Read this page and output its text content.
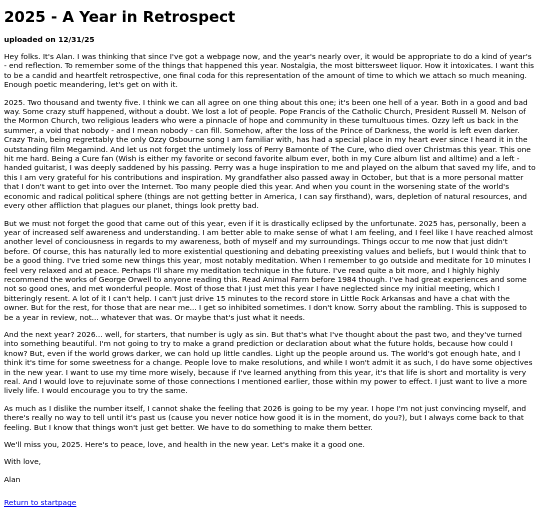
2025 - A Year in Retrospect
uploaded on 12/31/25

Hey folks. It's Alan. I was thinking that since I've got a webpage now, and the year's nearly over, it would be appropriate to do a kind of year's - end reflection. To remember some of the things that happened this year. Nostalgia, the most bittersweet liquor. How it intoxicates. I want this to be a candid and heartfelt retrospective, one final coda for this representation of the amount of time to which we attach so much meaning. Enough poetic meandering, let's get on with it.

2025. Two thousand and twenty five. I think we can all agree on one thing about this one; it's been one hell of a year. Both in a good and bad way. Some crazy stuff happened, without a doubt. We lost a lot of people. Pope Francis of the Catholic Church, President Russell M. Nelson of the Mormon Church, two religious leaders who were a pinnacle of hope and community in these tumultuous times. Ozzy left us back in the summer, a void that nobody - and I mean nobody - can fill. Somehow, after the loss of the Prince of Darkness, the world is left even darker. Crazy Train, being regrettably the only Ozzy Osbourne song I am familiar with, has had a special place in my heart ever since I heard it in the outstanding film Megamind. And let us not forget the untimely loss of Perry Bamonte of The Cure, who died over Christmas this year. This one hit me hard. Being a Cure fan (Wish is either my favorite or second favorite album ever, both in my Cure album list and alltime) and a left - handed guitarist, I was deeply saddened by his passing. Perry was a huge inspiration to me and played on the album that saved my life, and to this I am very grateful for his contributions and inspiration. My grandfather also passed away in October, but that is a more personal matter that I don't want to get into over the Internet. Too many people died this year. And when you count in the worsening state of the world's economic and radical political sphere (things are not getting better in America, I can say firsthand), wars, depletion of natural resources, and every other affliction that plagues our planet, things look pretty bad.

But we must not forget the good that came out of this year, even if it is drastically eclipsed by the unfortunate. 2025 has, personally, been a year of increased self awareness and understanding. I am better able to make sense of what I am feeling, and I feel like I have reached almost another level of conciousness in regards to my awareness, both of myself and my surroundings. Things occur to me now that just didn't before. Of course, this has naturally led to more existential questioning and debating preexisting values and beliefs, but I would think that to be a good thing. I've tried some new things this year, most notably meditation. When I remember to go outside and meditate for 10 minutes I feel very relaxed and at peace. Perhaps I'll share my meditation technique in the future. I've read quite a bit more, and I highly highly recommend the works of George Orwell to anyone reading this. Read Animal Farm before 1984 though. I've had great experiences and some not so good ones, and met wonderful people. Most of those that I just met this year I have neglected since my initial meeting, which I bitteringly resent. A lot of it I can't help. I can't just drive 15 minutes to the record store in Little Rock Arkansas and have a chat with the owner. But for the rest, for those that are near me... I get so inhibited sometimes. I don't know. Sorry about the rambling. This is supposed to be a year in review, not... whatever that was. Or maybe that's just what it needs.

And the next year? 2026... well, for starters, that number is ugly as sin. But that's what I've thought about the past two, and they've turned into something beautiful. I'm not going to try to make a grand prediction or declaration about what the future holds, because how could I know? But, even if the world grows darker, we can hold up little candles. Light up the people around us. The world's got enough hate, and I think it's time for some sweetness for a change. People love to make resolutions, and while I won't admit it as such, I do have some objectives in the new year. I want to use my time more wisely, because if I've learned anything from this year, it's that life is short and mortality is very real. And I would love to rejuvinate some of those connections I mentioned earlier, those within my power to effect. I just want to live a more lively life. I would encourage you to try the same.

As much as I dislike the number itself, I cannot shake the feeling that 2026 is going to be my year. I hope I'm not just convincing myself, and there's really no way to tell until it's past us (cause you never notice how good it is in the moment, do you?), but I always come back to that feeling. But I know that things won't just get better. We have to do something to make them better.

We'll miss you, 2025. Here's to peace, love, and health in the new year. Let's make it a good one.

With love,

Alan

Return to startpage
